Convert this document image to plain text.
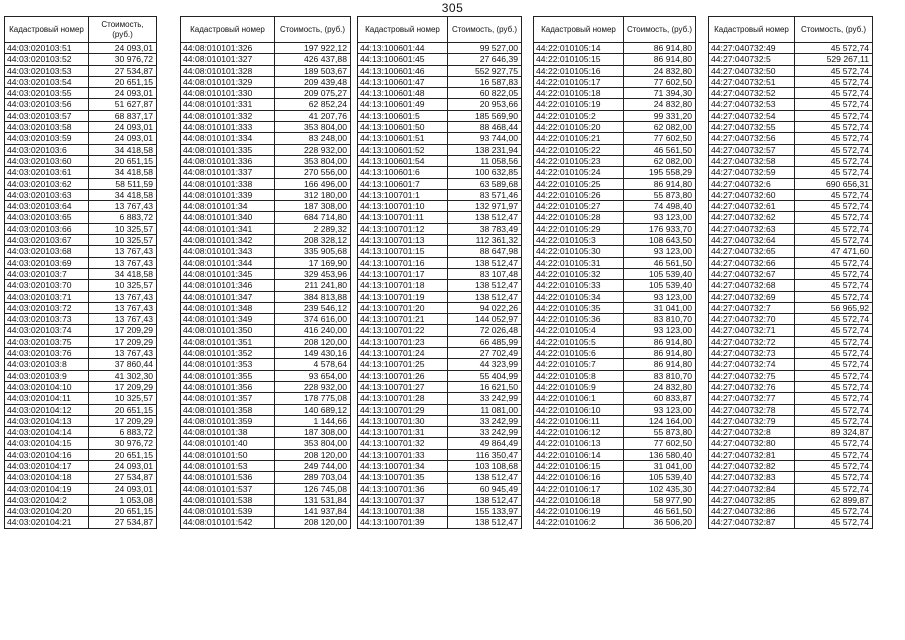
305
Кадастровый номер	Стоимость, (руб.)
44:03:020103:51	24 093,01
44:03:020103:52	30 976,72
44:03:020103:53	27 534,87
44:03:020103:54	20 651,15
44:03:020103:55	24 093,01
44:03:020103:56	51 627,87
44:03:020103:57	68 837,17
44:03:020103:58	24 093,01
44:03:020103:59	24 093,01
44:03:020103:6	34 418,58
44:03:020103:60	20 651,15
44:03:020103:61	34 418,58
44:03:020103:62	58 511,59
44:03:020103:63	34 418,58
44:03:020103:64	13 767,43
44:03:020103:65	6 883,72
44:03:020103:66	10 325,57
44:03:020103:67	10 325,57
44:03:020103:68	13 767,43
44:03:020103:69	13 767,43
44:03:020103:7	34 418,58
44:03:020103:70	10 325,57
44:03:020103:71	13 767,43
44:03:020103:72	13 767,43
44:03:020103:73	13 767,43
44:03:020103:74	17 209,29
44:03:020103:75	17 209,29
44:03:020103:76	13 767,43
44:03:020103:8	37 860,44
44:03:020103:9	41 302,30
44:03:020104:10	17 209,29
44:03:020104:11	10 325,57
44:03:020104:12	20 651,15
44:03:020104:13	17 209,29
44:03:020104:14	6 883,72
44:03:020104:15	30 976,72
44:03:020104:16	20 651,15
44:03:020104:17	24 093,01
44:03:020104:18	27 534,87
44:03:020104:19	24 093,01
44:03:020104:2	1 053,08
44:03:020104:20	20 651,15
44:03:020104:21	27 534,87
Кадастровый номер	Стоимость, (руб.)
44:08:010101:326	197 922,12
44:08:010101:327	426 437,88
44:08:010101:328	189 503,67
44:08:010101:329	209 439,48
44:08:010101:330	209 075,27
44:08:010101:331	62 852,24
44:08:010101:332	41 207,76
44:08:010101:333	353 804,00
44:08:010101:334	83 248,00
44:08:010101:335	228 932,00
44:08:010101:336	353 804,00
44:08:010101:337	270 556,00
44:08:010101:338	166 496,00
44:08:010101:339	312 180,00
44:08:010101:34	187 308,00
44:08:010101:340	684 714,80
44:08:010101:341	2 289,32
44:08:010101:342	208 328,12
44:08:010101:343	335 905,68
44:08:010101:344	17 169,90
44:08:010101:345	329 453,96
44:08:010101:346	211 241,80
44:08:010101:347	384 813,88
44:08:010101:348	239 546,12
44:08:010101:349	374 616,00
44:08:010101:350	416 240,00
44:08:010101:351	208 120,00
44:08:010101:352	149 430,16
44:08:010101:353	4 578,64
44:08:010101:355	93 654,00
44:08:010101:356	228 932,00
44:08:010101:357	178 775,08
44:08:010101:358	140 689,12
44:08:010101:359	1 144,66
44:08:010101:38	187 308,00
44:08:010101:40	353 804,00
44:08:010101:50	208 120,00
44:08:010101:53	249 744,00
44:08:010101:536	289 703,04
44:08:010101:537	126 745,08
44:08:010101:538	131 531,84
44:08:010101:539	141 937,84
44:08:010101:542	208 120,00
Кадастровый номер	Стоимость, (руб.)
44:13:100601:44	99 527,00
44:13:100601:45	27 646,39
44:13:100601:46	552 927,75
44:13:100601:47	16 587,83
44:13:100601:48	60 822,05
44:13:100601:49	20 953,66
44:13:100601:5	185 569,90
44:13:100601:50	88 468,44
44:13:100601:51	93 744,00
44:13:100601:52	138 231,94
44:13:100601:54	11 058,56
44:13:100601:6	100 632,85
44:13:100601:7	63 589,68
44:13:100701:1	83 571,46
44:13:100701:10	132 971,97
44:13:100701:11	138 512,47
44:13:100701:12	38 783,49
44:13:100701:13	112 361,32
44:13:100701:15	88 647,98
44:13:100701:16	138 512,47
44:13:100701:17	83 107,48
44:13:100701:18	138 512,47
44:13:100701:19	138 512,47
44:13:100701:20	94 022,26
44:13:100701:21	144 052,97
44:13:100701:22	72 026,48
44:13:100701:23	66 485,99
44:13:100701:24	27 702,49
44:13:100701:25	44 323,99
44:13:100701:26	55 404,99
44:13:100701:27	16 621,50
44:13:100701:28	33 242,99
44:13:100701:29	11 081,00
44:13:100701:30	33 242,99
44:13:100701:31	33 242,99
44:13:100701:32	49 864,49
44:13:100701:33	116 350,47
44:13:100701:34	103 108,68
44:13:100701:35	138 512,47
44:13:100701:36	60 945,49
44:13:100701:37	138 512,47
44:13:100701:38	155 133,97
44:13:100701:39	138 512,47
Кадастровый номер	Стоимость, (руб.)
44:22:010105:14	86 914,80
44:22:010105:15	86 914,80
44:22:010105:16	24 832,80
44:22:010105:17	77 602,50
44:22:010105:18	71 394,30
44:22:010105:19	24 832,80
44:22:010105:2	99 331,20
44:22:010105:20	62 082,00
44:22:010105:21	77 602,50
44:22:010105:22	46 561,50
44:22:010105:23	62 082,00
44:22:010105:24	195 558,29
44:22:010105:25	86 914,80
44:22:010105:26	55 873,80
44:22:010105:27	74 498,40
44:22:010105:28	93 123,00
44:22:010105:29	176 933,70
44:22:010105:3	108 643,50
44:22:010105:30	93 123,00
44:22:010105:31	46 561,50
44:22:010105:32	105 539,40
44:22:010105:33	105 539,40
44:22:010105:34	93 123,00
44:22:010105:35	31 041,00
44:22:010105:36	83 810,70
44:22:010105:4	93 123,00
44:22:010105:5	86 914,80
44:22:010105:6	86 914,80
44:22:010105:7	86 914,80
44:22:010105:8	83 810,70
44:22:010105:9	24 832,80
44:22:010106:1	60 833,87
44:22:010106:10	93 123,00
44:22:010106:11	124 164,00
44:22:010106:12	55 873,80
44:22:010106:13	77 602,50
44:22:010106:14	136 580,40
44:22:010106:15	31 041,00
44:22:010106:16	105 539,40
44:22:010106:17	102 435,30
44:22:010106:18	58 977,90
44:22:010106:19	46 561,50
44:22:010106:2	36 506,20
Кадастровый номер	Стоимость, (руб.)
44:27:040732:49	45 572,74
44:27:040732:5	529 267,11
44:27:040732:50	45 572,74
44:27:040732:51	45 572,74
44:27:040732:52	45 572,74
44:27:040732:53	45 572,74
44:27:040732:54	45 572,74
44:27:040732:55	45 572,74
44:27:040732:56	45 572,74
44:27:040732:57	45 572,74
44:27:040732:58	45 572,74
44:27:040732:59	45 572,74
44:27:040732:6	690 656,31
44:27:040732:60	45 572,74
44:27:040732:61	45 572,74
44:27:040732:62	45 572,74
44:27:040732:63	45 572,74
44:27:040732:64	45 572,74
44:27:040732:65	47 471,60
44:27:040732:66	45 572,74
44:27:040732:67	45 572,74
44:27:040732:68	45 572,74
44:27:040732:69	45 572,74
44:27:040732:7	56 965,92
44:27:040732:70	45 572,74
44:27:040732:71	45 572,74
44:27:040732:72	45 572,74
44:27:040732:73	45 572,74
44:27:040732:74	45 572,74
44:27:040732:75	45 572,74
44:27:040732:76	45 572,74
44:27:040732:77	45 572,74
44:27:040732:78	45 572,74
44:27:040732:79	45 572,74
44:27:040732:8	89 324,87
44:27:040732:80	45 572,74
44:27:040732:81	45 572,74
44:27:040732:82	45 572,74
44:27:040732:83	45 572,74
44:27:040732:84	45 572,74
44:27:040732:85	62 899,87
44:27:040732:86	45 572,74
44:27:040732:87	45 572,74
